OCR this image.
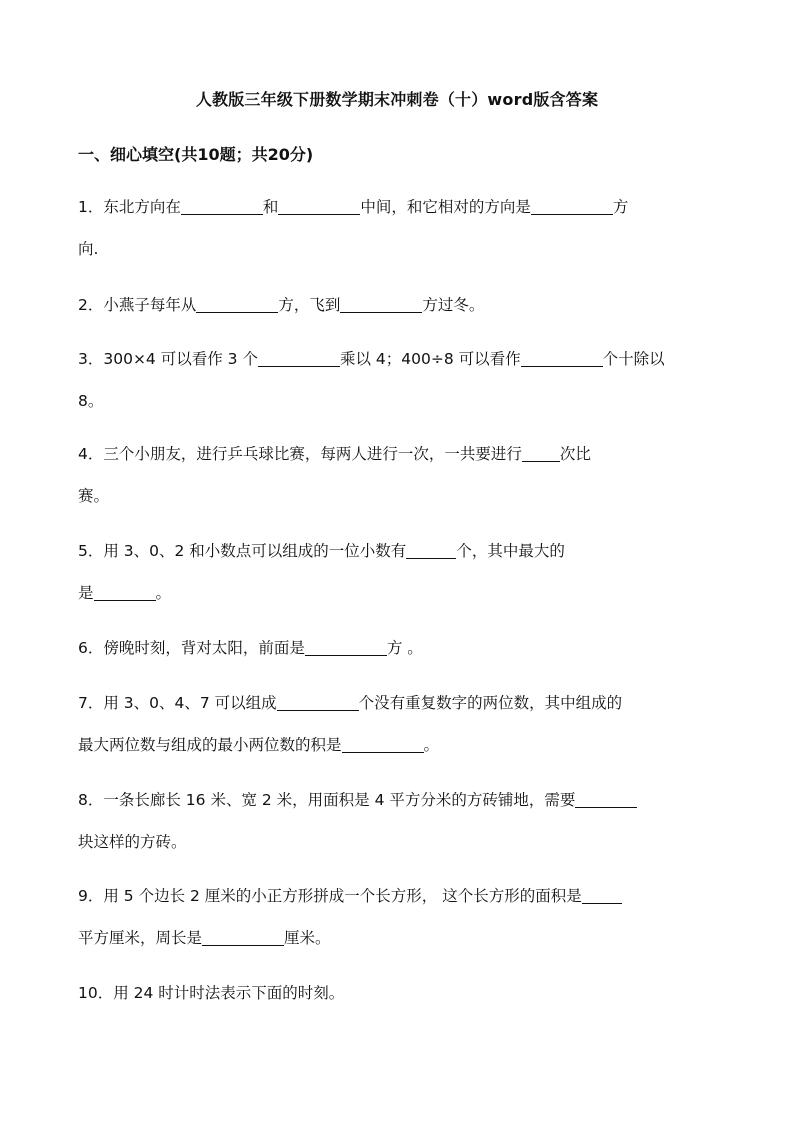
人教版三年级下册数学期末冲刺卷（十）word版含答案
一、细心填空(共10题；共20分)
1．东北方向在	和	中间，和它相对的方向是	方
向.
2．小燕子每年从	方，飞到	方过冬。
3．300×4 可以看作 3 个	乘以 4；400÷8 可以看作	个十除以
8。
4．三个小朋友，进行乒乓球比赛，每两人进行一次，一共要进行 次比
赛。
5．用 3、0、2 和小数点可以组成的一位小数有	个，其中最大的
是	。
6．傍晚时刻，背对太阳，前面是	方 。
7．用 3、0、4、7 可以组成	个没有重复数字的两位数，其中组成的
最大两位数与组成的最小两位数的积是	。
8．一条长廊长 16 米、宽 2 米，用面积是 4 平方分米的方砖铺地，需要
块这样的方砖。
9．用 5 个边长 2 厘米的小正方形拼成一个长方形， 这个长方形的面积是
平方厘米，周长是	厘米。
10．用 24 时计时法表示下面的时刻。
